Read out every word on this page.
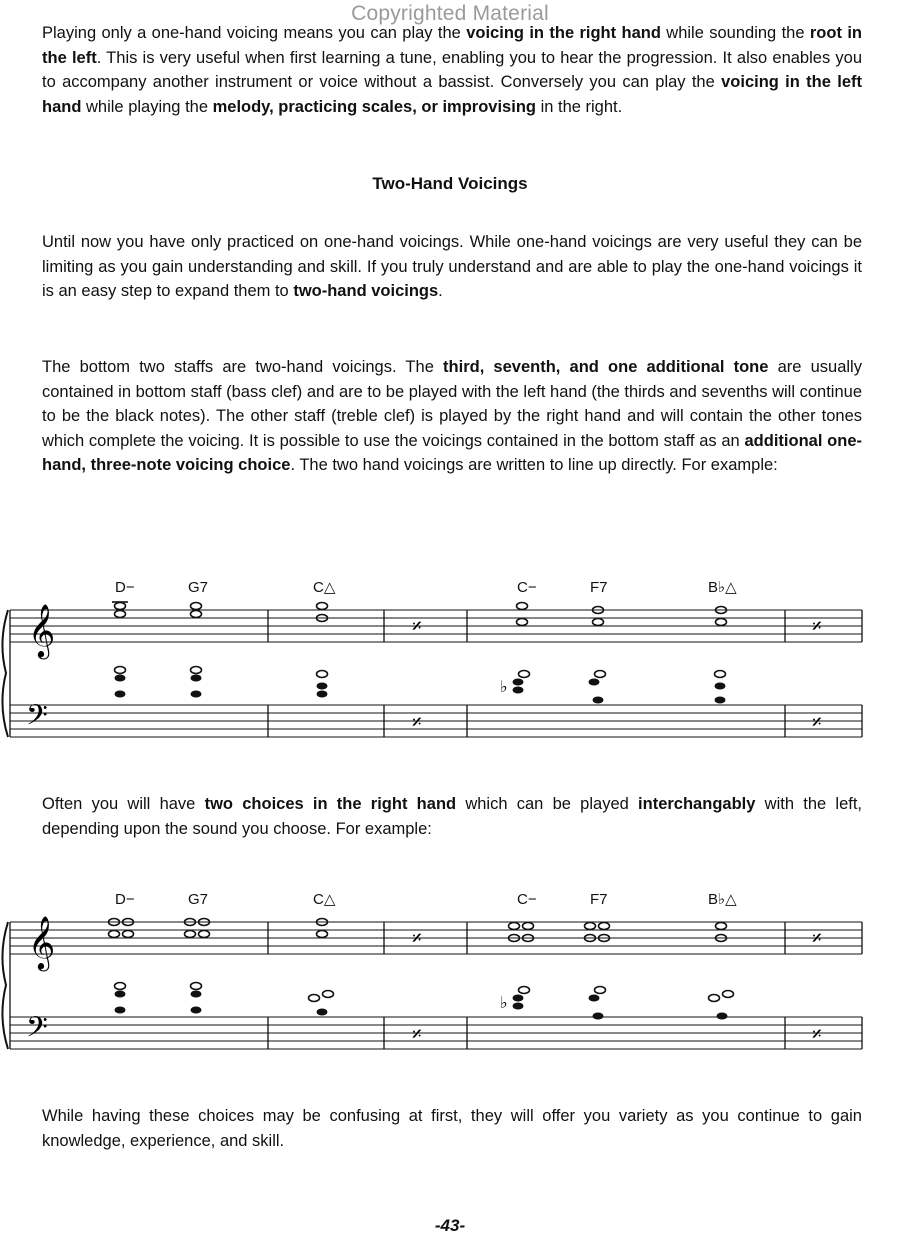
Copyrighted Material

Playing only a one-hand voicing means you can play the voicing in the right hand while sounding the root in the left. This is very useful when first learning a tune, enabling you to hear the progression. It also enables you to accompany another instrument or voice without a bassist. Conversely you can play the voicing in the left hand while playing the melody, practicing scales, or improvising in the right.

Two-Hand Voicings

Until now you have only practiced on one-hand voicings. While one-hand voicings are very useful they can be limiting as you gain understanding and skill. If you truly understand and are able to play the one-hand voicings it is an easy step to expand them to two-hand voicings.

The bottom two staffs are two-hand voicings. The third, seventh, and one additional tone are usually contained in bottom staff (bass clef) and are to be played with the left hand (the thirds and sevenths will continue to be the black notes). The other staff (treble clef) is played by the right hand and will contain the other tones which complete the voicing. It is possible to use the voicings contained in the bottom staff as an additional one-hand, three-note voicing choice. The two hand voicings are written to line up directly. For example:

D−	G7	C△	C−	F7	B♭△
𝄞
𝄢
♭
𝄎
𝄎
𝄎
𝄎

Often you will have two choices in the right hand which can be played interchangably with the left, depending upon the sound you choose. For example:

D−	G7	C△	C−	F7	B♭△
𝄞
𝄢
♭
𝄎
𝄎
𝄎
𝄎

While having these choices may be confusing at first, they will offer you variety as you continue to gain knowledge, experience, and skill.

-43-
